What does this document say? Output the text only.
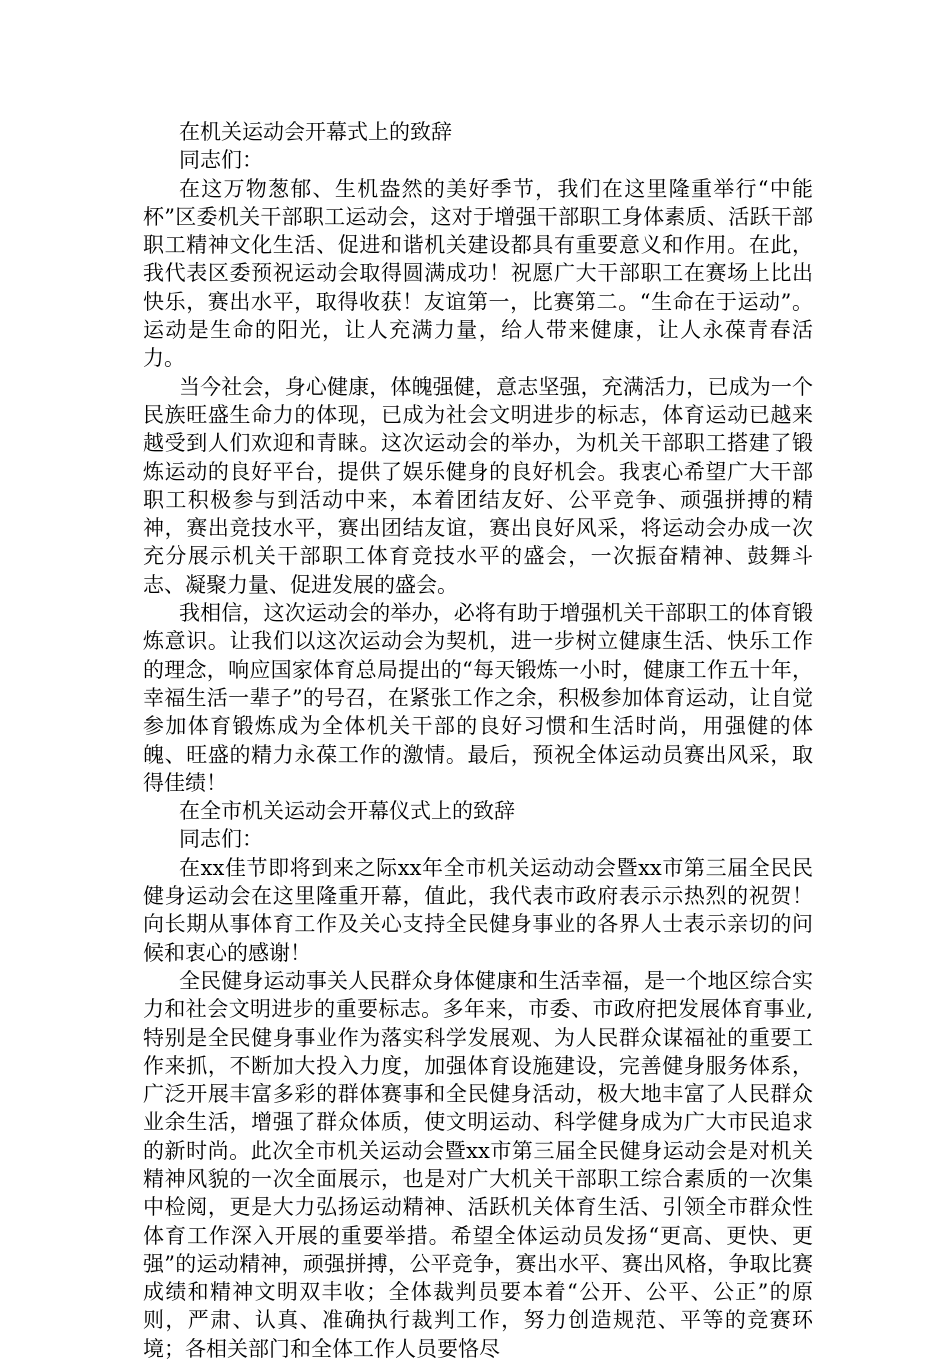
在机关运动会开幕式上的致辞

同志们：

在这万物葱郁、生机盎然的美好季节，我们在这里隆重举行“中能杯”区委机关干部职工运动会，这对于增强干部职工身体素质、活跃干部职工精神文化生活、促进和谐机关建设都具有重要意义和作用。在此，我代表区委预祝运动会取得圆满成功！祝愿广大干部职工在赛场上比出快乐，赛出水平，取得收获！友谊第一，比赛第二。“生命在于运动”。运动是生命的阳光，让人充满力量，给人带来健康，让人永葆青春活力。

当今社会，身心健康，体魄强健，意志坚强，充满活力，已成为一个民族旺盛生命力的体现，已成为社会文明进步的标志，体育运动已越来越受到人们欢迎和青睐。这次运动会的举办，为机关干部职工搭建了锻炼运动的良好平台，提供了娱乐健身的良好机会。我衷心希望广大干部职工积极参与到活动中来，本着团结友好、公平竞争、顽强拼搏的精神，赛出竞技水平，赛出团结友谊，赛出良好风采，将运动会办成一次充分展示机关干部职工体育竞技水平的盛会，一次振奋精神、鼓舞斗志、凝聚力量、促进发展的盛会。

我相信，这次运动会的举办，必将有助于增强机关干部职工的体育锻炼意识。让我们以这次运动会为契机，进一步树立健康生活、快乐工作的理念，响应国家体育总局提出的“每天锻炼一小时，健康工作五十年，幸福生活一辈子”的号召，在紧张工作之余，积极参加体育运动，让自觉参加体育锻炼成为全体机关干部的良好习惯和生活时尚，用强健的体魄、旺盛的精力永葆工作的激情。最后，预祝全体运动员赛出风采，取得佳绩！

在全市机关运动会开幕仪式上的致辞

同志们：

在xx佳节即将到来之际xx年全市机关运动动会暨xx市第三届全民民健身运动会在这里隆重开幕，值此，我代表市政府表示示热烈的祝贺！向长期从事体育工作及关心支持全民健身事业的各界人士表示亲切的问候和衷心的感谢！

全民健身运动事关人民群众身体健康和生活幸福，是一个地区综合实力和社会文明进步的重要标志。多年来，市委、市政府把发展体育事业,特别是全民健身事业作为落实科学发展观、为人民群众谋福祉的重要工作来抓，不断加大投入力度，加强体育设施建设，完善健身服务体系，广泛开展丰富多彩的群体赛事和全民健身活动，极大地丰富了人民群众业余生活，增强了群众体质，使文明运动、科学健身成为广大市民追求的新时尚。此次全市机关运动会暨xx市第三届全民健身运动会是对机关精神风貌的一次全面展示，也是对广大机关干部职工综合素质的一次集中检阅，更是大力弘扬运动精神、活跃机关体育生活、引领全市群众性体育工作深入开展的重要举措。希望全体运动员发扬“更高、更快、更强”的运动精神，顽强拼搏，公平竞争，赛出水平、赛出风格，争取比赛成绩和精神文明双丰收；全体裁判员要本着“公开、公平、公正”的原则，严肃、认真、准确执行裁判工作，努力创造规范、平等的竞赛环境；各相关部门和全体工作人员要恪尽
